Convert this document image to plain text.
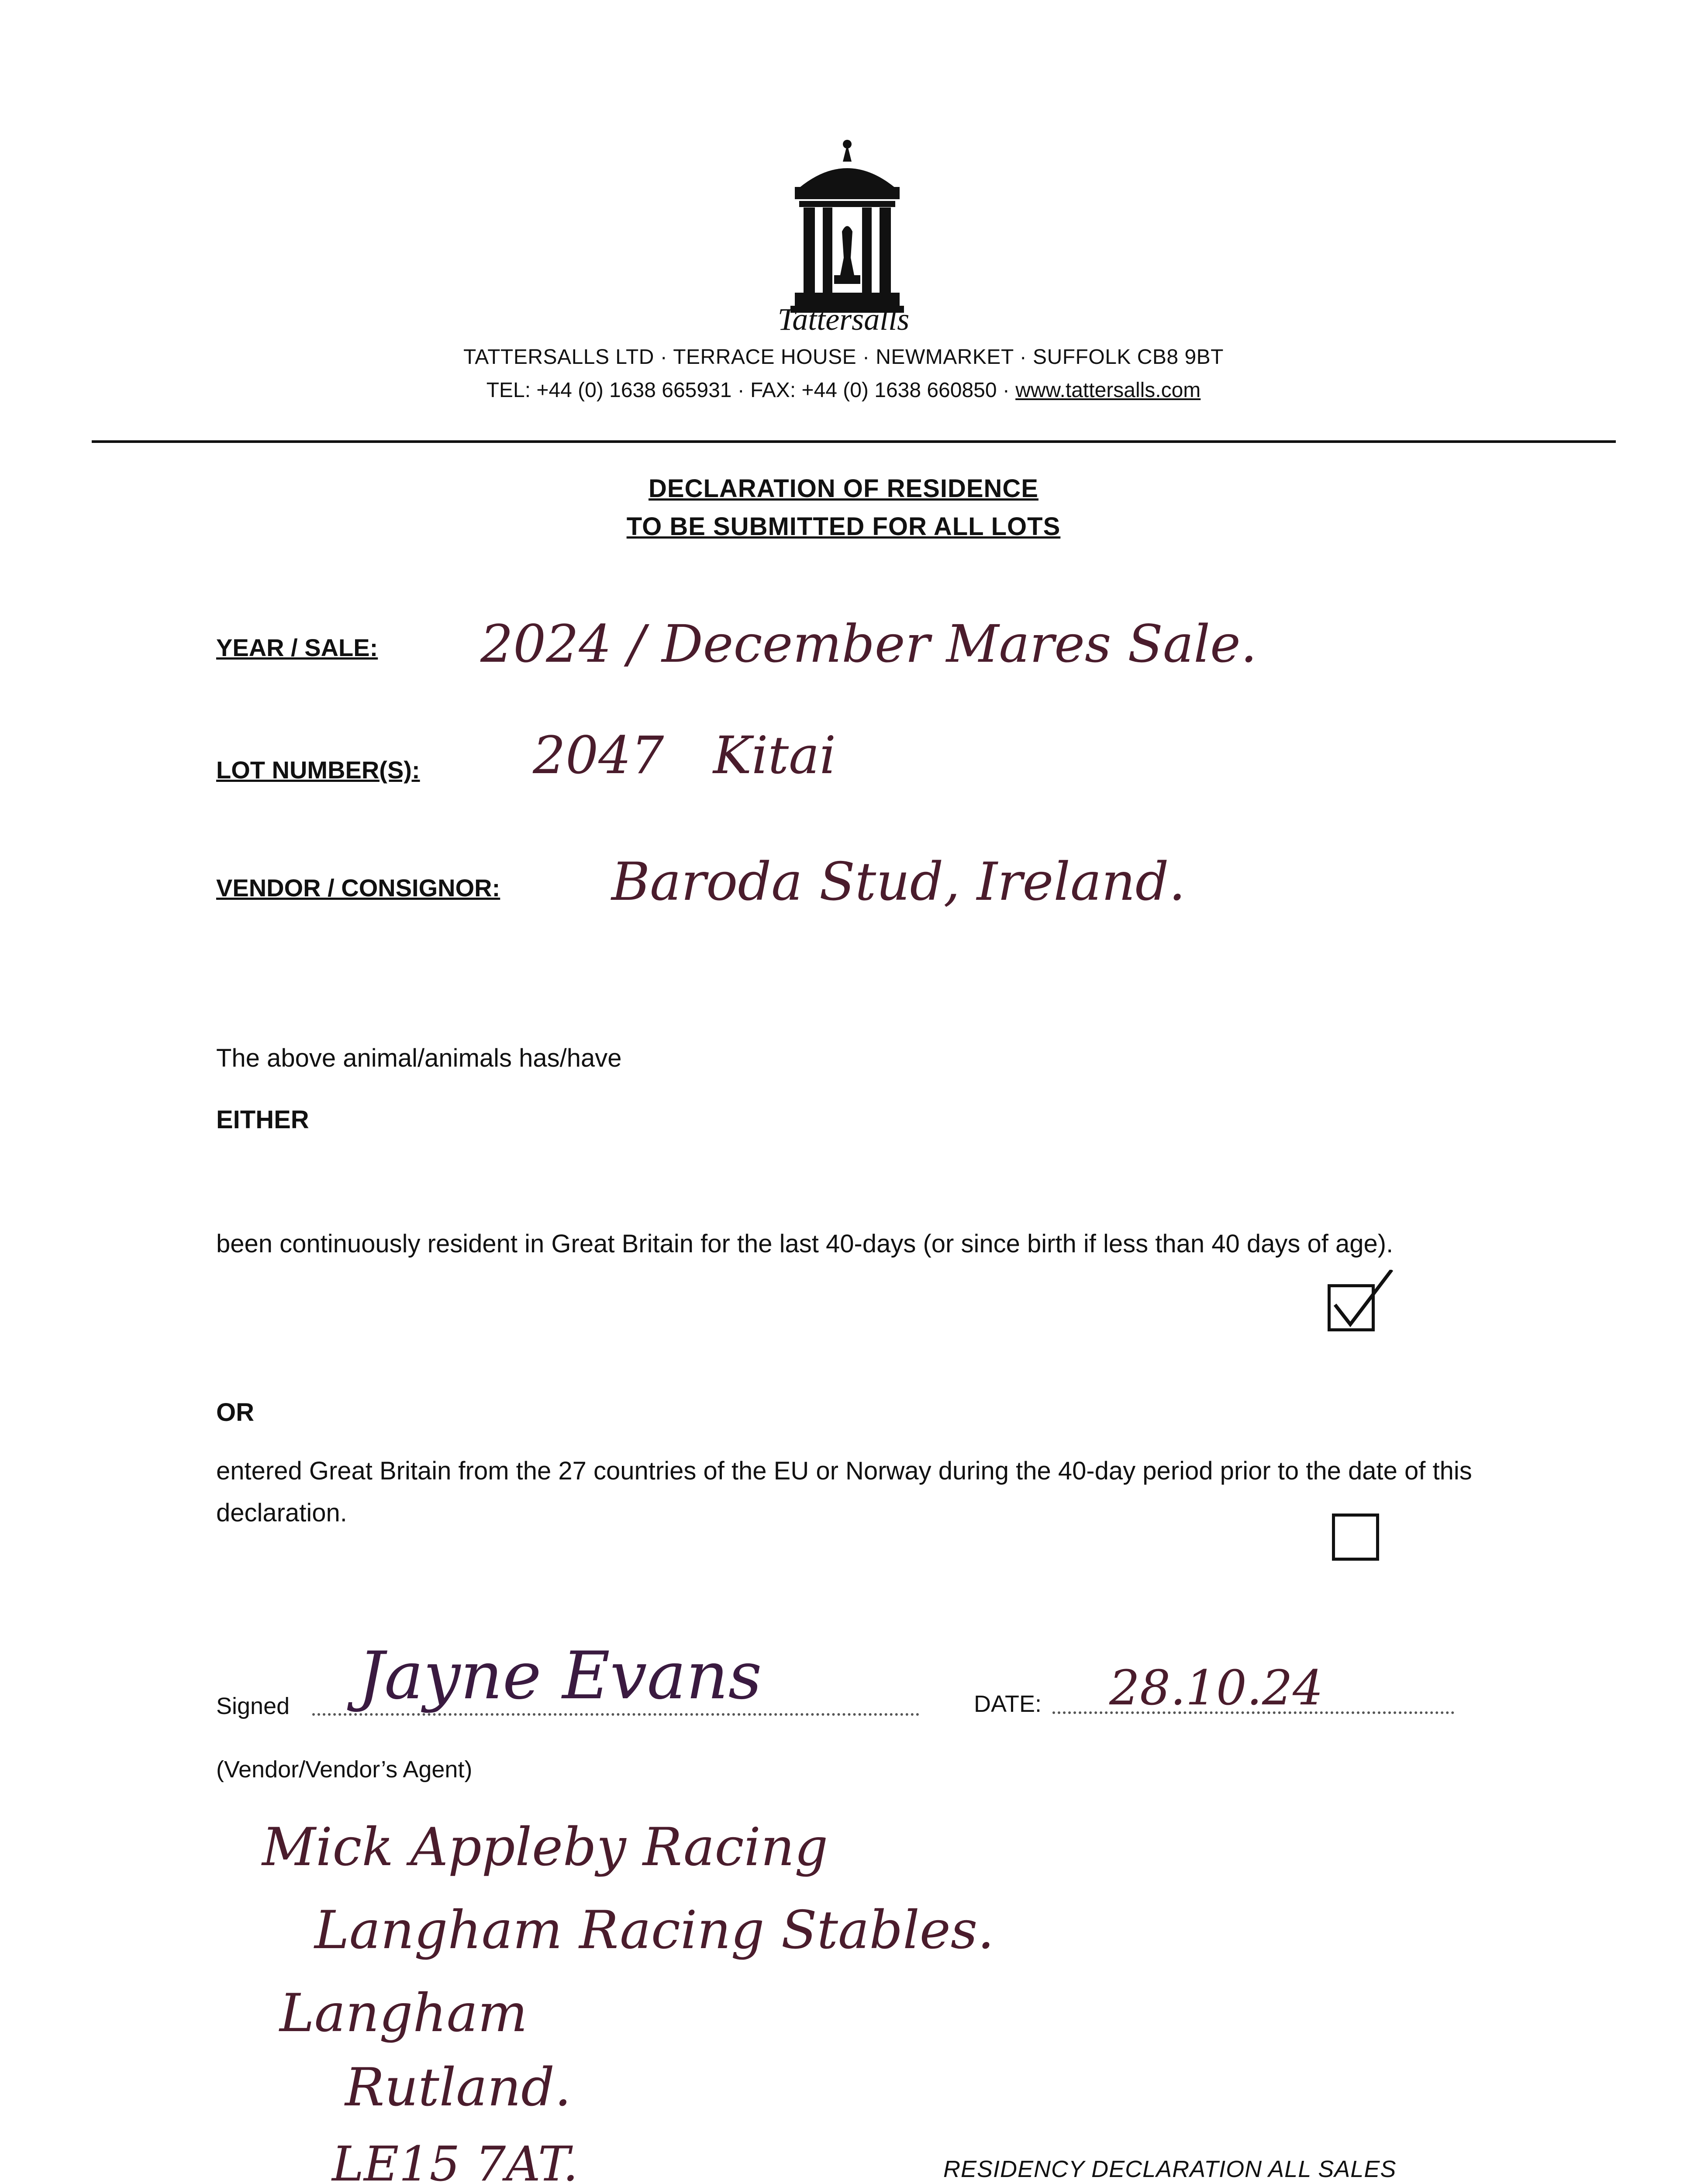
Tattersalls
TATTERSALLS LTD · TERRACE HOUSE · NEWMARKET · SUFFOLK CB8 9BT
TEL: +44 (0) 1638 665931 · FAX: +44 (0) 1638 660850 · www.tattersalls.com
DECLARATION OF RESIDENCE
TO BE SUBMITTED FOR ALL LOTS
YEAR / SALE: 2024 / December Mares Sale.
LOT NUMBER(S): 2047   Kitai
VENDOR / CONSIGNOR: Baroda Stud, Ireland.
The above animal/animals has/have
EITHER
been continuously resident in Great Britain for the last 40-days (or since birth if less than 40 days of age).
OR
entered Great Britain from the 27 countries of the EU or Norway during the 40-day period prior to the date of this declaration.
Signed Jayne Evans	DATE: 28.10.24
(Vendor/Vendor’s Agent)
Mick Appleby Racing
Langham Racing Stables.
Langham
Rutland.
LE15 7AT.	RESIDENCY DECLARATION ALL SALES
